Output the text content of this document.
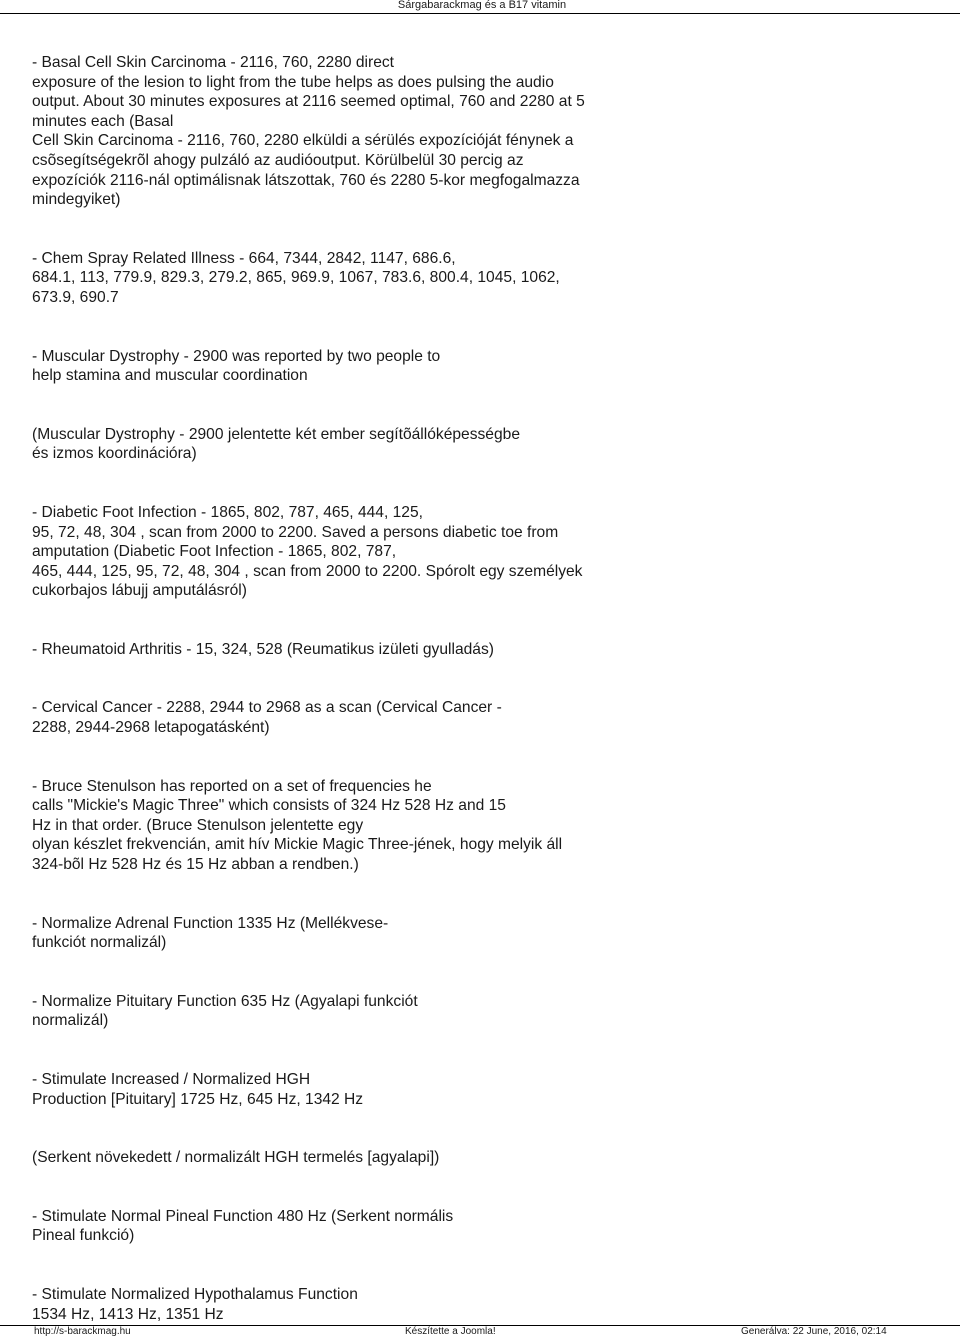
Sárgabarackmag és a B17 vitamin

- Basal Cell Skin Carcinoma - 2116, 760, 2280 direct
exposure of the lesion to light from the tube helps as does pulsing the audio
output. About 30 minutes exposures at 2116 seemed optimal, 760 and 2280 at 5
minutes each (Basal
Cell Skin Carcinoma - 2116, 760, 2280 elküldi a sérülés expozícióját fénynek a
csõsegítségekrõl ahogy pulzáló az audióoutput. Körülbelül 30 percig az
expozíciók 2116-nál optimálisnak látszottak, 760 és 2280 5-kor megfogalmazza
mindegyiket)

- Chem Spray Related Illness - 664, 7344, 2842, 1147, 686.6,
684.1, 113, 779.9, 829.3, 279.2, 865, 969.9, 1067, 783.6, 800.4, 1045, 1062,
673.9, 690.7

- Muscular Dystrophy - 2900 was reported by two people to
help stamina and muscular coordination

(Muscular Dystrophy - 2900 jelentette két ember segítõállóképességbe
és izmos koordinációra)

- Diabetic Foot Infection - 1865, 802, 787, 465, 444, 125,
95, 72, 48, 304 , scan from 2000 to 2200. Saved a persons diabetic toe from
amputation (Diabetic Foot Infection - 1865, 802, 787,
465, 444, 125, 95, 72, 48, 304 , scan from 2000 to 2200. Spórolt egy személyek
cukorbajos lábujj amputálásról)

- Rheumatoid Arthritis - 15, 324, 528 (Reumatikus izületi gyulladás)

- Cervical Cancer - 2288, 2944 to 2968 as a scan (Cervical Cancer -
2288, 2944-2968 letapogatásként)

- Bruce Stenulson has reported on a set of frequencies he
calls "Mickie's Magic Three" which consists of 324 Hz 528 Hz and 15
Hz in that order. (Bruce Stenulson jelentette egy
olyan készlet frekvencián, amit hív Mickie Magic Three-jének, hogy melyik áll
324-bõl Hz 528 Hz és 15 Hz abban a rendben.)

- Normalize Adrenal Function 1335 Hz (Mellékvese-
funkciót normalizál)

- Normalize Pituitary Function 635 Hz (Agyalapi funkciót
normalizál)

- Stimulate Increased / Normalized HGH
Production [Pituitary] 1725 Hz, 645 Hz, 1342 Hz

(Serkent növekedett / normalizált HGH termelés [agyalapi])

- Stimulate Normal Pineal Function 480 Hz (Serkent normális
Pineal funkció)

- Stimulate Normalized Hypothalamus Function
1534 Hz, 1413 Hz, 1351 Hz

http://s-barackmag.hu	Készítette a Joomla!	Generálva: 22 June, 2016, 02:14
